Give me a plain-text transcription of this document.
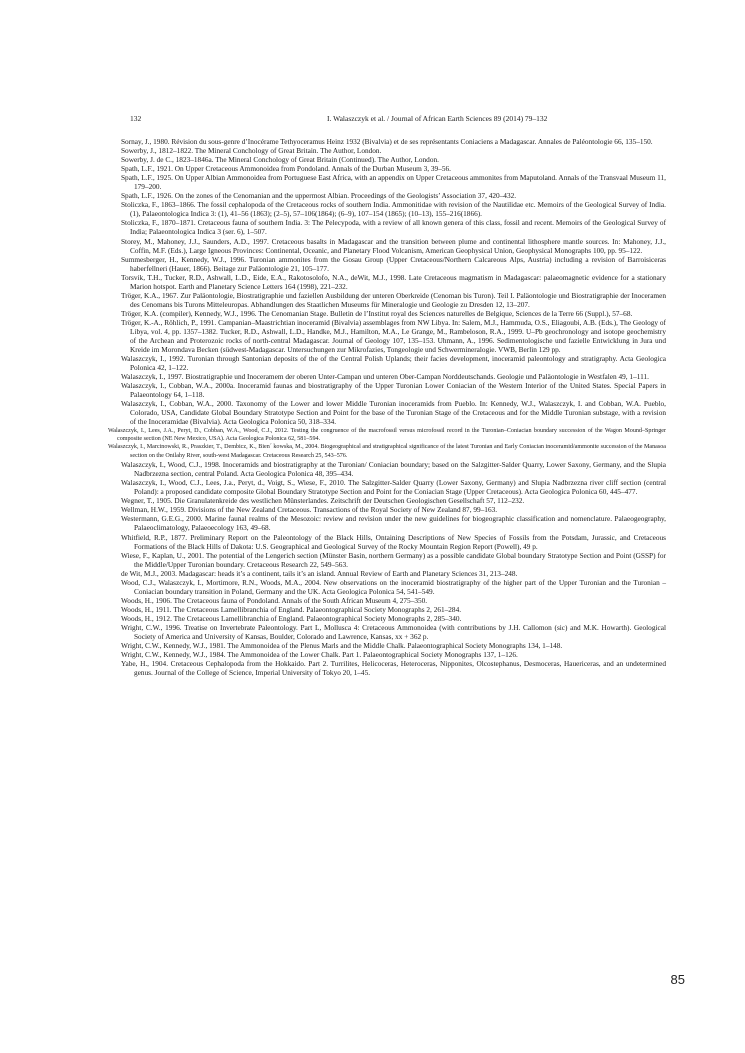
132	I. Walaszczyk et al. / Journal of African Earth Sciences 89 (2014) 79–132
Sornay, J., 1980. Révision du sous-genre d’Inocérame Tethyoceramus Heinz 1932 (Bivalvia) et de ses représentants Coniaciens a Madagascar. Annales de Paléontologie 66, 135–150.
Sowerby, J., 1812–1822. The Mineral Conchology of Great Britain. The Author, London.
Sowerby, J. de C., 1823–1846a. The Mineral Conchology of Great Britain (Continued). The Author, London.
Spath, L.F., 1921. On Upper Cretaceous Ammonoidea from Pondoland. Annals of the Durban Museum 3, 39–56.
Spath, L.F., 1925. On Upper Albian Ammonoidea from Portuguese East Africa, with an appendix on Upper Cretaceous ammonites from Maputoland. Annals of the Transvaal Museum 11, 179–200.
Spath, L.F., 1926. On the zones of the Cenomanian and the uppermost Albian. Proceedings of the Geologists’ Association 37, 420–432.
Stoliczka, F., 1863–1866. The fossil cephalopoda of the Cretaceous rocks of southern India. Ammonitidae with revision of the Nautilidae etc. Memoirs of the Geological Survey of India. (1), Palaeontologica Indica 3: (1), 41–56 (1863); (2–5), 57–106(1864); (6–9), 107–154 (1865); (10–13), 155–216(1866).
Stoliczka, F., 1870–1871. Cretaceous fauna of southern India. 3: The Pelecypoda, with a review of all known genera of this class, fossil and recent. Memoirs of the Geological Survey of India; Palaeontologica Indica 3 (ser. 6), 1–507.
Storey, M., Mahoney, J.J., Saunders, A.D., 1997. Cretaceous basalts in Madagascar and the transition between plume and continental lithosphere mantle sources. In: Mahoney, J.J., Coffin, M.F. (Eds.), Large Igneous Provinces: Continental, Oceanic, and Planetary Flood Volcanism, American Geophysical Union, Geophysical Monographs 100, pp. 95–122.
Summesberger, H., Kennedy, W.J., 1996. Turonian ammonites from the Gosau Group (Upper Cretaceous/Northern Calcareous Alps, Austria) including a revision of Barroisiceras haberfellneri (Hauer, 1866). Beitage zur Paläontologie 21, 105–177.
Torsvik, T.H., Tucker, R.D., Ashwall, L.D., Eide, E.A., Rakotosolofo, N.A., deWit, M.J., 1998. Late Cretaceous magmatism in Madagascar: palaeomagnetic evidence for a stationary Marion hotspot. Earth and Planetary Science Letters 164 (1998), 221–232.
Tröger, K.A., 1967. Zur Paläontologie, Biostratigraphie und faziellen Ausbildung der unteren Oberkreide (Cenoman bis Turon). Teil I. Paläontologie und Biostratigraphie der Inoceramen des Cenomans bis Turons Mitteleuropas. Abhandlungen des Staatlichen Museums für Mineralogie und Geologie zu Dresden 12, 13–207.
Tröger, K.A. (compiler), Kennedy, W.J., 1996. The Cenomanian Stage. Bulletin de l’Institut royal des Sciences naturelles de Belgique, Sciences de la Terre 66 (Suppl.), 57–68.
Tröger, K.-A., Röhlich, P., 1991. Campanian–Maastrichtian inoceramid (Bivalvia) assemblages from NW Libya. In: Salem, M.J., Hammuda, O.S., Eliagoubi, A.B. (Eds.), The Geology of Libya, vol. 4, pp. 1357–1382. Tucker, R.D., Ashwall, L.D., Handke, M.J., Hamilton, M.A., Le Grange, M., Rambeloson, R.A., 1999. U–Pb geochronology and isotope geochemistry of the Archean and Proterozoic rocks of north-central Madagascar. Journal of Geology 107, 135–153. Uhmann, A., 1996. Sedimentologische und fazielle Entwicklung in Jura und Kreide im Morondava Becken (südwest-Madagascar. Untersuchungen zur Mikrofazies, Tongeologie und Schwermineralogie. VWB, Berlin 129 pp.
Walaszczyk, I., 1992. Turonian through Santonian deposits of the of the Central Polish Uplands; their facies development, inoceramid paleontology and stratigraphy. Acta Geologica Polonica 42, 1–122.
Walaszczyk, I., 1997. Biostratigraphie und Inoceramem der oberen Unter-Campan und unteren Ober-Campan Norddeutschands. Geologie und Paläontologie in Westfalen 49, 1–111.
Walaszczyk, I., Cobban, W.A., 2000a. Inoceramid faunas and biostratigraphy of the Upper Turonian Lower Coniacian of the Western Interior of the United States. Special Papers in Palaeontology 64, 1–118.
Walaszczyk, I., Cobban, W.A., 2000. Taxonomy of the Lower and lower Middle Turonian inoceramids from Pueblo. In: Kennedy, W.J., Walaszczyk, I. and Cobban, W.A. Pueblo, Colorado, USA, Candidate Global Boundary Stratotype Section and Point for the base of the Turonian Stage of the Cretaceous and for the Middle Turonian substage, with a revision of the Inoceramidae (Bivalvia). Acta Geologica Polonica 50, 318–334.
Walaszczyk, I., Lees, J.A., Peryt, D., Cobban, W.A., Wood, C.J., 2012. Testing the congruence of the macrofossil versus microfossil record in the Turonian–Coniacian boundary succession of the Wagon Mound–Springer composite section (NE New Mexico, USA). Acta Geologica Polonica 62, 581–594.
Walaszczyk, I., Marcinowski, R., Praszkier, T., Dembicz, K., Bien´ kowska, M., 2004. Biogeographical and stratigraphical significance of the latest Turonian and Early Coniacian inoceramid/ammonite succession of the Manasoa section on the Onilahy River, south-west Madagascar. Cretaceous Research 25, 543–576.
Walaszczyk, I., Wood, C.J., 1998. Inoceramids and biostratigraphy at the Turonian/ Coniacian boundary; based on the Salzgitter-Salder Quarry, Lower Saxony, Germany, and the Slupia Nadbrzezna section, central Poland. Acta Geologica Polonica 48, 395–434.
Walaszczyk, I., Wood, C.J., Lees, J.a., Peryt, d., Voigt, S., Wiese, F., 2010. The Salzgitter-Salder Quarry (Lower Saxony, Germany) and Slupia Nadbrzezna river cliff section (central Poland): a proposed candidate composite Global Boundary Stratotype Section and Point for the Coniacian Stage (Upper Cretaceous). Acta Geologica Polonica 60, 445–477.
Wegner, T., 1905. Die Granulatenkreide des westlichen Münsterlandes. Zeitschrift der Deutschen Geologischen Gesellschaft 57, 112–232.
Wellman, H.W., 1959. Divisions of the New Zealand Cretaceous. Transactions of the Royal Society of New Zealand 87, 99–163.
Westermann, G.E.G., 2000. Marine faunal realms of the Mesozoic: review and revision under the new guidelines for biogeographic classification and nomenclature. Palaeogeography, Palaeoclimatology, Palaeoecology 163, 49–68.
Whitfield, R.P., 1877. Preliminary Report on the Paleontology of the Black Hills, Ontaining Descriptions of New Species of Fossils from the Potsdam, Jurassic, and Cretaceous Formations of the Black Hills of Dakota: U.S. Geographical and Geological Survey of the Rocky Mountain Region Report (Powell), 49 p.
Wiese, F., Kaplan, U., 2001. The potential of the Lengerich section (Münster Basin, northern Germany) as a possible candidate Global boundary Stratotype Section and Point (GSSP) for the Middle/Upper Turonian boundary. Cretaceous Research 22, 549–563.
de Wit, M.J., 2003. Madagascar: heads it’s a continent, tails it’s an island. Annual Review of Earth and Planetary Sciences 31, 213–248.
Wood, C.J., Walaszczyk, I., Mortimore, R.N., Woods, M.A., 2004. New observations on the inoceramid biostratigraphy of the higher part of the Upper Turonian and the Turonian – Coniacian boundary transition in Poland, Germany and the UK. Acta Geologica Polonica 54, 541–549.
Woods, H., 1906. The Cretaceous fauna of Pondoland. Annals of the South African Museum 4, 275–350.
Woods, H., 1911. The Cretaceous Lamellibranchia of England. Palaeontographical Society Monographs 2, 261–284.
Woods, H., 1912. The Cretaceous Lamellibranchia of England. Palaeontographical Society Monographs 2, 285–340.
Wright, C.W., 1996. Treatise on Invertebrate Paleontology. Part L, Mollusca 4: Cretaceous Ammonoidea (with contributions by J.H. Callomon (sic) and M.K. Howarth). Geological Society of America and University of Kansas, Boulder, Colorado and Lawrence, Kansas, xx + 362 p.
Wright, C.W., Kennedy, W.J., 1981. The Ammonoidea of the Plenus Marls and the Middle Chalk. Palaeontographical Society Monographs 134, 1–148.
Wright, C.W., Kennedy, W.J., 1984. The Ammonoidea of the Lower Chalk. Part 1. Palaeontographical Society Monographs 137, 1–126.
Yabe, H., 1904. Cretaceous Cephalopoda from the Hokkaido. Part 2. Turrilites, Helicoceras, Heteroceras, Nipponites, Olcostephanus, Desmoceras, Hauericeras, and an undetermined genus. Journal of the College of Science, Imperial University of Tokyo 20, 1–45.
85
